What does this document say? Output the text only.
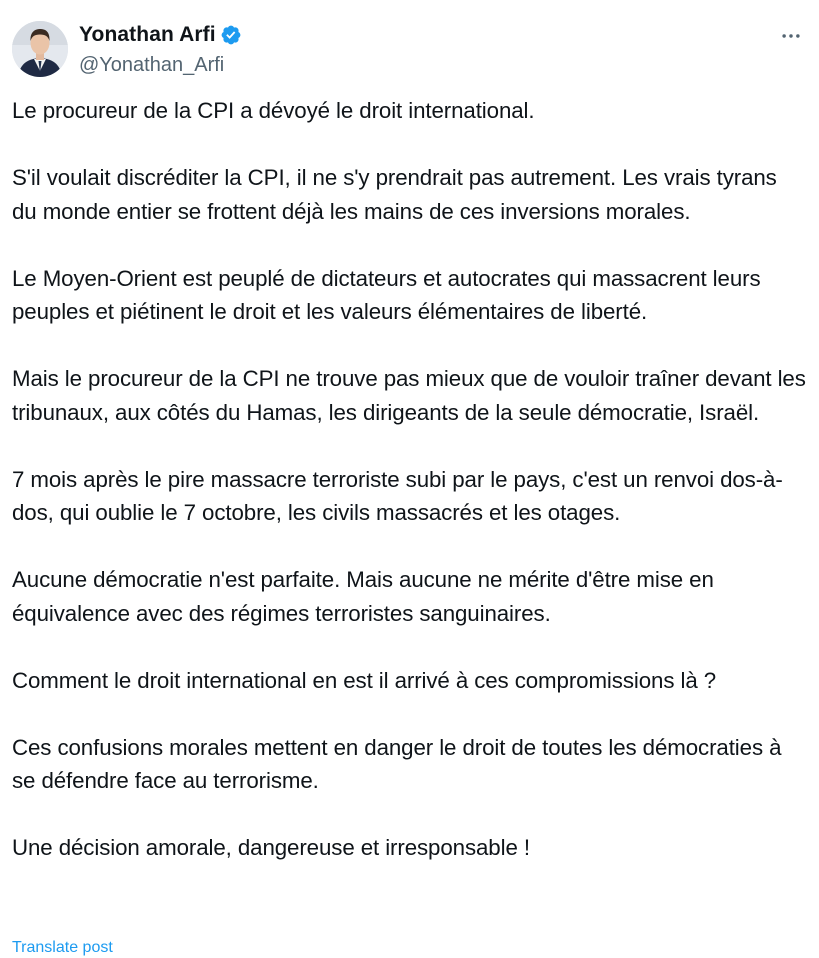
Yonathan Arfi
@Yonathan_Arfi

Le procureur de la CPI a dévoyé le droit international.

S'il voulait discréditer la CPI, il ne s'y prendrait pas autrement. Les vrais tyrans du monde entier se frottent déjà les mains de ces inversions morales.

Le Moyen-Orient est peuplé de dictateurs et autocrates qui massacrent leurs peuples et piétinent le droit et les valeurs élémentaires de liberté.

Mais le procureur de la CPI ne trouve pas mieux que de vouloir traîner devant les tribunaux, aux côtés du Hamas, les dirigeants de la seule démocratie, Israël.

7 mois après le pire massacre terroriste subi par le pays, c'est un renvoi dos-à-dos, qui oublie le 7 octobre, les civils massacrés et les otages.

Aucune démocratie n'est parfaite. Mais aucune ne mérite d'être mise en équivalence avec des régimes terroristes sanguinaires.

Comment le droit international en est il arrivé à ces compromissions là ?

Ces confusions morales mettent en danger le droit de toutes les démocraties à se défendre face au terrorisme.

Une décision amorale, dangereuse et irresponsable !

Translate post
